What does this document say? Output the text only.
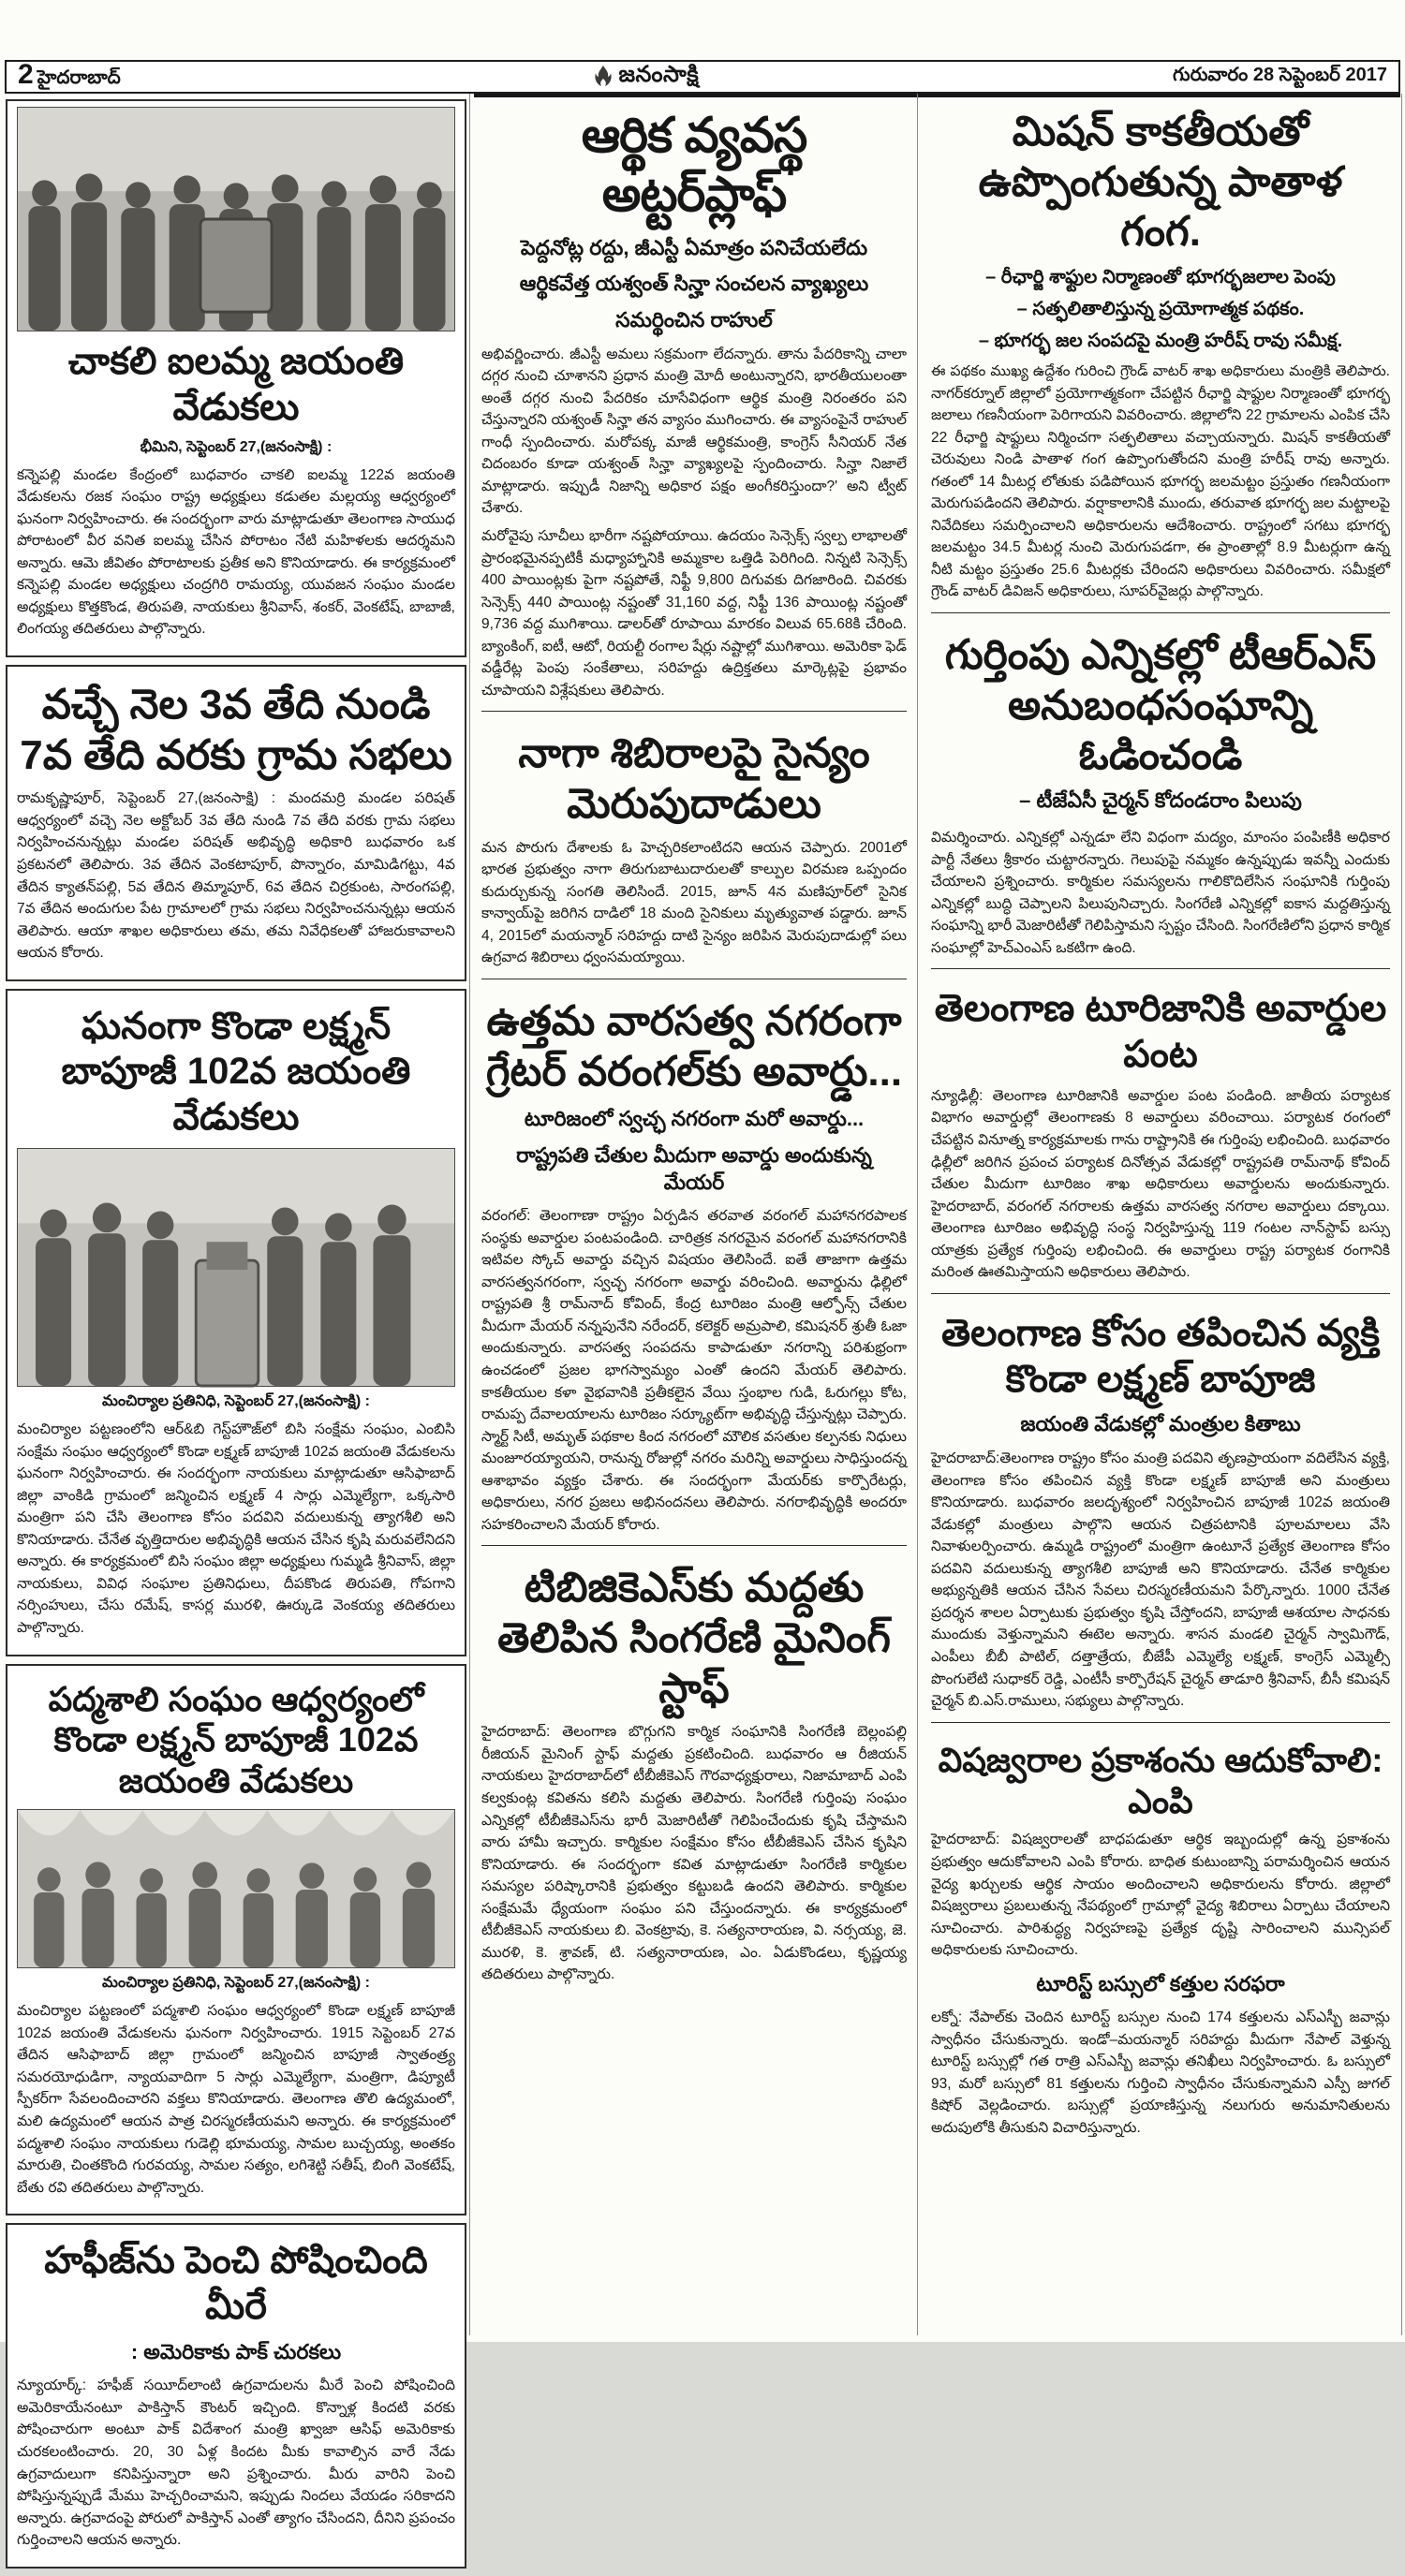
2 హైదరాబాద్	జనంసాక్షి	గురువారం 28 సెప్టెంబర్ 2017
చాకలి ఐలమ్మ జయంతి వేడుకలు
భీమిని, సెప్టెంబర్ 27,(జనంసాక్షి) :

కన్నెపల్లి మండల కేంద్రంలో బుధవారం చాకలి ఐలమ్మ 122వ జయంతి వేడుకలను రజక సంఘం రాష్ట్ర అధ్యక్షులు కడుతల మల్లయ్య ఆధ్వర్యంలో ఘనంగా నిర్వహించారు. ఈ సందర్భంగా వారు మాట్లాడుతూ తెలంగాణ సాయుధ పోరాటంలో వీర వనిత ఐలమ్మ చేసిన పోరాటం నేటి మహిళలకు ఆదర్శమని అన్నారు. ఆమె జీవితం పోరాటాలకు ప్రతీక అని కొనియాడారు. ఈ కార్యక్రమంలో కన్నెపల్లి మండల అధ్యక్షులు చంద్రగిరి రామయ్య, యువజన సంఘం మండల అధ్యక్షులు కొత్తకొండ, తిరుపతి, నాయకులు శ్రీనివాస్, శంకర్, వెంకటేష్, బాబాజీ, లింగయ్య తదితరులు పాల్గొన్నారు.

వచ్చే నెల 3వ తేది నుండి 7వ తేది వరకు గ్రామ సభలు

రామకృష్ణాపూర్, సెప్టెంబర్ 27,(జనంసాక్షి) : మందమర్రి మండల పరిషత్ ఆధ్వర్యంలో వచ్చె నెల అక్టోబర్ 3వ తేది నుండి 7వ తేది వరకు గ్రామ సభలు నిర్వహించనున్నట్లు మండల పరిషత్ అభివృద్ధి అధికారి బుధవారం ఒక ప్రకటనలో తెలిపారు. 3వ తేదిన వెంకటాపూర్, పొన్నారం, మామిడిగట్టు, 4వ తేదిన క్యాతన్‌పల్లి, 5వ తేదిన తిమ్మాపూర్, 6వ తేదిన చిర్రకుంట, సారంగపల్లి, 7వ తేదిన అందుగుల పేట గ్రామాలలో గ్రామ సభలు నిర్వహించనున్నట్లు ఆయన తెలిపారు. ఆయా శాఖల అధికారులు తమ, తమ నివేధికలతో హాజరుకావాలని ఆయన కోరారు.

ఘనంగా కొండా లక్ష్మన్ బాపూజీ 102వ జయంతి వేడుకలు
మంచిర్యాల ప్రతినిధి, సెప్టెంబర్ 27,(జనంసాక్షి) :

మంచిర్యాల పట్టణంలోని ఆర్&బి గెస్ట్‌హౌజ్‌లో బిసి సంక్షేమ సంఘం, ఎంబిసి సంక్షేమ సంఘం ఆధ్వర్యంలో కొండా లక్ష్మణ్ బాపూజీ 102వ జయంతి వేడుకలను ఘనంగా నిర్వహించారు. ఈ సందర్భంగా నాయకులు మాట్లాడుతూ ఆసిఫాబాద్ జిల్లా వాంకిడి గ్రామంలో జన్మించిన లక్ష్మణ్ 4 సార్లు ఎమ్మెల్యేగా, ఒక్కసారి మంత్రిగా పని చేసి తెలంగాణ కోసం పదవిని వదులుకున్న త్యాగశీలి అని కొనియాడారు. చేనేత వృత్తిదారుల అభివృద్ధికి ఆయన చేసిన కృషి మరువలేనిదని అన్నారు. ఈ కార్యక్రమంలో బిసి సంఘం జిల్లా అధ్యక్షులు గుమ్మడి శ్రీనివాస్, జిల్లా నాయకులు, వివిధ సంఘాల ప్రతినిధులు, దీపకొండ తిరుపతి, గోపగాని నర్సింహులు, చేసు రమేష్, కాసర్ల మురళి, ఊర్కుడె వెంకయ్య తదితరులు పాల్గొన్నారు.

పద్మశాలి సంఘం ఆధ్వర్యంలో కొండా లక్ష్మన్ బాపూజీ 102వ జయంతి వేడుకలు
మంచిర్యాల ప్రతినిధి, సెప్టెంబర్ 27,(జనంసాక్షి) :

మంచిర్యాల పట్టణంలో పద్మశాలి సంఘం ఆధ్వర్యంలో కొండా లక్ష్మణ్ బాపూజీ 102వ జయంతి వేడుకలను ఘనంగా నిర్వహించారు. 1915 సెప్టెంబర్ 27వ తేదిన ఆసిఫాబాద్ జిల్లా గ్రామంలో జన్మించిన బాపూజీ స్వాతంత్ర్య సమరయోధుడిగా, న్యాయవాదిగా 5 సార్లు ఎమ్మెల్యేగా, మంత్రిగా, డిప్యూటీ స్పీకర్‌గా సేవలందించారని వక్తలు కొనియాడారు. తెలంగాణ తొలి ఉద్యమంలో, మలి ఉద్యమంలో ఆయన పాత్ర చిరస్మరణీయమని అన్నారు. ఈ కార్యక్రమంలో పద్మశాలి సంఘం నాయకులు గుడెల్లి భూమయ్య, సామల బుచ్చయ్య, అంతకం మారుతి, చింతకొంది గురవయ్య, సామల సత్యం, లగిశెట్టి సతీష్, బింగి వెంకటేష్, బేతు రవి తదితరులు పాల్గొన్నారు.

హఫీజ్‌ను పెంచి పోషించింది మీరే
: అమెరికాకు పాక్ చురకలు

న్యూయార్క్: హఫీజ్ సయీద్‌లాంటి ఉగ్రవాదులను మీరే పెంచి పోషించింది అమెరికాయేనంటూ పాకిస్తాన్ కౌంటర్ ఇచ్చింది. కొన్నాళ్ల కిందటి వరకు పోషించారుగా అంటూ పాక్ విదేశాంగ మంత్రి ఖ్వాజా ఆసిఫ్ అమెరికాకు చురకలంటించారు. 20, 30 ఏళ్ల కిందట మీకు కావాల్సిన వారే నేడు ఉగ్రవాదులుగా కనిపిస్తున్నారా అని ప్రశ్నించారు. మీరు వారిని పెంచి పోషిస్తున్నప్పుడే మేము హెచ్చరించామని, ఇప్పుడు నిందలు వేయడం సరికాదని అన్నారు. ఉగ్రవాదంపై పోరులో పాకిస్తాన్ ఎంతో త్యాగం చేసిందని, దీనిని ప్రపంచం గుర్తించాలని ఆయన అన్నారు.

ఆర్థిక వ్యవస్థ అట్టర్‌ప్లాఫ్
పెద్దనోట్ల రద్దు, జీఎస్టీ ఏమాత్రం పనిచేయలేదు
ఆర్థికవేత్త యశ్వంత్ సిన్హా సంచలన వ్యాఖ్యలు
సమర్థించిన రాహుల్

అభివర్ణించారు. జీఎస్టీ అమలు సక్రమంగా లేదన్నారు. తాను పేదరికాన్ని చాలా దగ్గర నుంచి చూశానని ప్రధాన మంత్రి మోదీ అంటున్నారని, భారతీయులంతా అంతే దగ్గర నుంచి పేదరికం చూసేవిధంగా ఆర్థిక మంత్రి నిరంతరం పని చేస్తున్నారని యశ్వంత్ సిన్హా తన వ్యాసం ముగించారు. ఈ వ్యాసంపైనే రాహుల్ గాంధీ స్పందించారు. మరోపక్క మాజీ ఆర్థికమంత్రి, కాంగ్రెస్ సీనియర్ నేత చిదంబరం కూడా యశ్వంత్ సిన్హా వ్యాఖ్యలపై స్పందించారు. సిన్హా నిజాలే మాట్లాడారు. ఇప్పుడీ నిజాన్ని అధికార పక్షం అంగీకరిస్తుందా?' అని ట్వీట్ చేశారు.

మరోవైపు సూచీలు భారీగా నష్టపోయాయి. ఉదయం సెన్సెక్స్ స్వల్ప లాభాలతో ప్రారంభమైనప్పటికీ మధ్యాహ్నానికి అమ్మకాల ఒత్తిడి పెరిగింది. నిన్నటి సెన్సెక్స్ 400 పాయింట్లకు పైగా నష్టపోతే, నిఫ్టీ 9,800 దిగువకు దిగజారింది. చివరకు సెన్సెక్స్ 440 పాయింట్ల నష్టంతో 31,160 వద్ద, నిఫ్టీ 136 పాయింట్ల నష్టంతో 9,736 వద్ద ముగిశాయి. డాలర్‌తో రూపాయి మారకం విలువ 65.68కి చేరింది. బ్యాంకింగ్, ఐటీ, ఆటో, రియల్టీ రంగాల షేర్లు నష్టాల్లో ముగిశాయి. అమెరికా ఫెడ్ వడ్డీరేట్ల పెంపు సంకేతాలు, సరిహద్దు ఉద్రిక్తతలు మార్కెట్లపై ప్రభావం చూపాయని విశ్లేషకులు తెలిపారు.

నాగా శిబిరాలపై సైన్యం మెరుపుదాడులు

మన పొరుగు దేశాలకు ఓ హెచ్చరికలాంటిదని ఆయన చెప్పారు. 2001లో భారత ప్రభుత్వం నాగా తిరుగుబాటుదారులతో కాల్పుల విరమణ ఒప్పందం కుదుర్చుకున్న సంగతి తెలిసిందే. 2015, జూన్ 4న మణిపూర్‌లో సైనిక కాన్వాయ్‌పై జరిగిన దాడిలో 18 మంది సైనికులు మృత్యువాత పడ్డారు. జూన్ 4, 2015లో మయన్మార్ సరిహద్దు దాటి సైన్యం జరిపిన మెరుపుదాడుల్లో పలు ఉగ్రవాద శిబిరాలు ధ్వంసమయ్యాయి.

ఉత్తమ వారసత్వ నగరంగా గ్రేటర్ వరంగల్‌కు అవార్డు...
టూరిజంలో స్వచ్ఛ నగరంగా మరో అవార్డు...
రాష్ట్రపతి చేతుల మీదుగా అవార్డు అందుకున్న మేయర్

వరంగల్: తెలంగాణా రాష్ట్రం ఏర్పడిన తరవాత వరంగల్ మహానగరపాలక సంస్థకు అవార్డుల పంటపండింది. చారిత్రక నగరమైన వరంగల్ మహానగరానికి ఇటివల స్కోచ్ అవార్డు వచ్చిన విషయం తెలిసిందే. ఐతే తాజాగా ఉత్తమ వారసత్వనగరంగా, స్వచ్ఛ నగరంగా అవార్డు వరించింది. అవార్డును ఢిల్లిలో రాష్ట్రపతి శ్రీ రామ్‌నాద్ కోవింద్, కేంద్ర టూరిజం మంత్రి ఆల్ఫోన్స్ చేతుల మీదుగా మేయర్ నన్నపునేని నరేందర్, కలెక్టర్ అమ్రపాలి, కమిషనర్ శ్రుతీ ఓజా అందుకున్నారు. వారసత్వ సంపదను కాపాడుతూ నగరాన్ని పరిశుభ్రంగా ఉంచడంలో ప్రజల భాగస్వామ్యం ఎంతో ఉందని మేయర్ తెలిపారు. కాకతీయుల కళా వైభవానికి ప్రతీకలైన వేయి స్తంభాల గుడి, ఓరుగల్లు కోట, రామప్ప దేవాలయాలను టూరిజం సర్క్యూట్‌గా అభివృద్ధి చేస్తున్నట్లు చెప్పారు. స్మార్ట్ సిటీ, అమృత్ పథకాల కింద నగరంలో మౌలిక వసతుల కల్పనకు నిధులు మంజూరయ్యాయని, రానున్న రోజుల్లో నగరం మరిన్ని అవార్డులు సాధిస్తుందన్న ఆశాభావం వ్యక్తం చేశారు. ఈ సందర్భంగా మేయర్‌కు కార్పొరేటర్లు, అధికారులు, నగర ప్రజలు అభినందనలు తెలిపారు. నగరాభివృద్ధికి అందరూ సహకరించాలని మేయర్ కోరారు.

టిబిజికెఎస్‌కు మద్దతు తెలిపిన సింగరేణి మైనింగ్ స్టాఫ్

హైదరాబాద్: తెలంగాణ బొగ్గుగని కార్మిక సంఘానికి సింగరేణి బెల్లంపల్లి రీజియన్ మైనింగ్ స్టాఫ్ మద్దతు ప్రకటించింది. బుధవారం ఆ రీజియన్ నాయకులు హైదరాబాద్‌లో టీబీజీకెఎస్ గౌరవాధ్యక్షురాలు, నిజామాబాద్ ఎంపి కల్వకుంట్ల కవితను కలిసి మద్దతు తెలిపారు. సింగరేణి గుర్తింపు సంఘం ఎన్నికల్లో టీబీజీకెఎస్‌ను భారీ మెజారిటీతో గెలిపించేందుకు కృషి చేస్తామని వారు హామీ ఇచ్చారు. కార్మికుల సంక్షేమం కోసం టీబీజీకెఎస్ చేసిన కృషిని కొనియాడారు. ఈ సందర్భంగా కవిత మాట్లాడుతూ సింగరేణి కార్మికుల సమస్యల పరిష్కారానికి ప్రభుత్వం కట్టుబడి ఉందని తెలిపారు. కార్మికుల సంక్షేమమే ధ్యేయంగా సంఘం పని చేస్తుందన్నారు. ఈ కార్యక్రమంలో టీబీజీకెఎస్ నాయకులు బి. వెంకట్రావు, కె. సత్యనారాయణ, వి. నర్సయ్య, జె. మురళి, కె. శ్రావణ్, టి. సత్యనారాయణ, ఎం. ఏడుకొండలు, కృష్ణయ్య తదితరులు పాల్గొన్నారు.

మిషన్ కాకతీయతో ఉప్పొంగుతున్న పాతాళ గంగ.
– రీఛార్జి శాఫ్టుల నిర్మాణంతో భూగర్భజలాల పెంపు
– సత్ఫలితాలిస్తున్న ప్రయోగాత్మక పథకం.
– భూగర్భ జల సంపదపై మంత్రి హరీష్ రావు సమీక్ష.

ఈ పథకం ముఖ్య ఉద్దేశం గురించి గ్రౌండ్ వాటర్ శాఖ అధికారులు మంత్రికి తెలిపారు. నాగర్‌కర్నూల్ జిల్లాలో ప్రయోగాత్మకంగా చేపట్టిన రీఛార్జి షాఫ్టుల నిర్మాణంతో భూగర్భ జలాలు గణనీయంగా పెరిగాయని వివరించారు. జిల్లాలోని 22 గ్రామాలను ఎంపిక చేసి 22 రీఛార్జి షాఫ్టులు నిర్మించగా సత్ఫలితాలు వచ్చాయన్నారు. మిషన్ కాకతీయతో చెరువులు నిండి పాతాళ గంగ ఉప్పొంగుతోందని మంత్రి హరీష్ రావు అన్నారు. గతంలో 14 మీటర్ల లోతుకు పడిపోయిన భూగర్భ జలమట్టం ప్రస్తుతం గణనీయంగా మెరుగుపడిందని తెలిపారు. వర్షాకాలానికి ముందు, తరువాత భూగర్భ జల మట్టాలపై నివేదికలు సమర్పించాలని అధికారులను ఆదేశించారు. రాష్ట్రంలో సగటు భూగర్భ జలమట్టం 34.5 మీటర్ల నుంచి మెరుగుపడగా, ఈ ప్రాంతాల్లో 8.9 మీటర్లుగా ఉన్న నీటి మట్టం ప్రస్తుతం 25.6 మీటర్లకు చేరిందని అధికారులు వివరించారు. సమీక్షలో గ్రౌండ్ వాటర్ డివిజన్ అధికారులు, సూపర్‌వైజర్లు పాల్గొన్నారు.

గుర్తింపు ఎన్నికల్లో టీఆర్ఎస్ అనుబంధసంఘాన్ని ఓడించండి
– టీజేఏసీ చైర్మన్ కోదండరాం పిలుపు

విమర్శించారు. ఎన్నికల్లో ఎన్నడూ లేని విధంగా మద్యం, మాంసం పంపిణీకి అధికార పార్టీ నేతలు శ్రీకారం చుట్టారన్నారు. గెలుపుపై నమ్మకం ఉన్నప్పుడు ఇవన్నీ ఎందుకు చేయాలని ప్రశ్నించారు. కార్మికుల సమస్యలను గాలికొదిలేసిన సంఘానికి గుర్తింపు ఎన్నికల్లో బుద్ధి చెప్పాలని పిలుపునిచ్చారు. సింగరేణి ఎన్నికల్లో ఐకాస మద్దతిస్తున్న సంఘాన్ని భారీ మెజారిటీతో గెలిపిస్తామని స్పష్టం చేసింది. సింగరేణిలోని ప్రధాన కార్మిక సంఘాల్లో హెచ్ఎంఎస్ ఒకటిగా ఉంది.

తెలంగాణ టూరిజానికి అవార్డుల పంట

న్యూఢిల్లీ: తెలంగాణ టూరిజానికి అవార్డుల పంట పండింది. జాతీయ పర్యాటక విభాగం అవార్డుల్లో తెలంగాణకు 8 అవార్డులు వరించాయి. పర్యాటక రంగంలో చేపట్టిన వినూత్న కార్యక్రమాలకు గాను రాష్ట్రానికి ఈ గుర్తింపు లభించింది. బుధవారం ఢిల్లీలో జరిగిన ప్రపంచ పర్యాటక దినోత్సవ వేడుకల్లో రాష్ట్రపతి రామ్‌నాథ్ కోవింద్ చేతుల మీదుగా టూరిజం శాఖ అధికారులు అవార్డులను అందుకున్నారు. హైదరాబాద్, వరంగల్ నగరాలకు ఉత్తమ వారసత్వ నగరాల అవార్డులు దక్కాయి. తెలంగాణ టూరిజం అభివృద్ధి సంస్థ నిర్వహిస్తున్న 119 గంటల నాన్‌స్టాప్ బస్సు యాత్రకు ప్రత్యేక గుర్తింపు లభించింది. ఈ అవార్డులు రాష్ట్ర పర్యాటక రంగానికి మరింత ఊతమిస్తాయని అధికారులు తెలిపారు.

తెలంగాణ కోసం తపించిన వ్యక్తి కొండా లక్ష్మణ్ బాపూజి
జయంతి వేడుకల్లో మంత్రుల కితాబు

హైదరాబాద్:తెలంగాణ రాష్ట్రం కోసం మంత్రి పదవిని తృణప్రాయంగా వదిలేసిన వ్యక్తి, తెలంగాణ కోసం తపించిన వ్యక్తి కొండా లక్ష్మణ్ బాపూజీ అని మంత్రులు కొనియాడారు. బుధవారం జలదృశ్యంలో నిర్వహించిన బాపూజీ 102వ జయంతి వేడుకల్లో మంత్రులు పాల్గొని ఆయన చిత్రపటానికి పూలమాలలు వేసి నివాళులర్పించారు. ఉమ్మడి రాష్ట్రంలో మంత్రిగా ఉంటూనే ప్రత్యేక తెలంగాణ కోసం పదవిని వదులుకున్న త్యాగశీలి బాపూజీ అని కొనియాడారు. చేనేత కార్మికుల అభ్యున్నతికి ఆయన చేసిన సేవలు చిరస్మరణీయమని పేర్కొన్నారు. 1000 చేనేత ప్రదర్శన శాలల ఏర్పాటుకు ప్రభుత్వం కృషి చేస్తోందని, బాపూజీ ఆశయాల సాధనకు ముందుకు వెళ్తున్నామని ఈటెల అన్నారు. శాసన మండలి చైర్మన్ స్వామిగౌడ్, ఎంపీలు బీబీ పాటిల్, దత్తాత్రేయ, బీజేపీ ఎమ్మెల్యే లక్ష్మణ్, కాంగ్రెస్ ఎమ్మెల్సీ పొంగులేటి సుధాకర్ రెడ్డి, ఎంటీసీ కార్పొరేషన్ చైర్మన్ తాడూరి శ్రీనివాస్, బీసీ కమిషన్ చైర్మన్ బి.ఎస్.రాములు, సభ్యులు పాల్గొన్నారు.

విషజ్వరాల ప్రకాశంను ఆదుకోవాలి: ఎంపి

హైదరాబాద్: విషజ్వరాలతో బాధపడుతూ ఆర్థిక ఇబ్బందుల్లో ఉన్న ప్రకాశంను ప్రభుత్వం ఆదుకోవాలని ఎంపి కోరారు. బాధిత కుటుంబాన్ని పరామర్శించిన ఆయన వైద్య ఖర్చులకు ఆర్థిక సాయం అందించాలని అధికారులను కోరారు. జిల్లాలో విషజ్వరాలు ప్రబలుతున్న నేపథ్యంలో గ్రామాల్లో వైద్య శిబిరాలు ఏర్పాటు చేయాలని సూచించారు. పారిశుద్ధ్య నిర్వహణపై ప్రత్యేక దృష్టి సారించాలని మున్సిపల్ అధికారులకు సూచించారు.

టూరిస్ట్ బస్సులో కత్తుల సరఫరా

లక్నో: నేపాల్‌కు చెందిన టూరిస్ట్ బస్సుల నుంచి 174 కత్తులను ఎస్ఎస్బీ జవాన్లు స్వాధీనం చేసుకున్నారు. ఇండో–మయన్మార్ సరిహద్దు మీదుగా నేపాల్ వెళ్తున్న టూరిస్ట్ బస్సుల్లో గత రాత్రి ఎస్ఎస్బీ జవాన్లు తనిఖీలు నిర్వహించారు. ఓ బస్సులో 93, మరో బస్సులో 81 కత్తులను గుర్తించి స్వాధీనం చేసుకున్నామని ఎస్పీ జుగల్ కిషోర్ వెల్లడించారు. బస్సుల్లో ప్రయాణిస్తున్న నలుగురు అనుమానితులను అదుపులోకి తీసుకుని విచారిస్తున్నారు.
